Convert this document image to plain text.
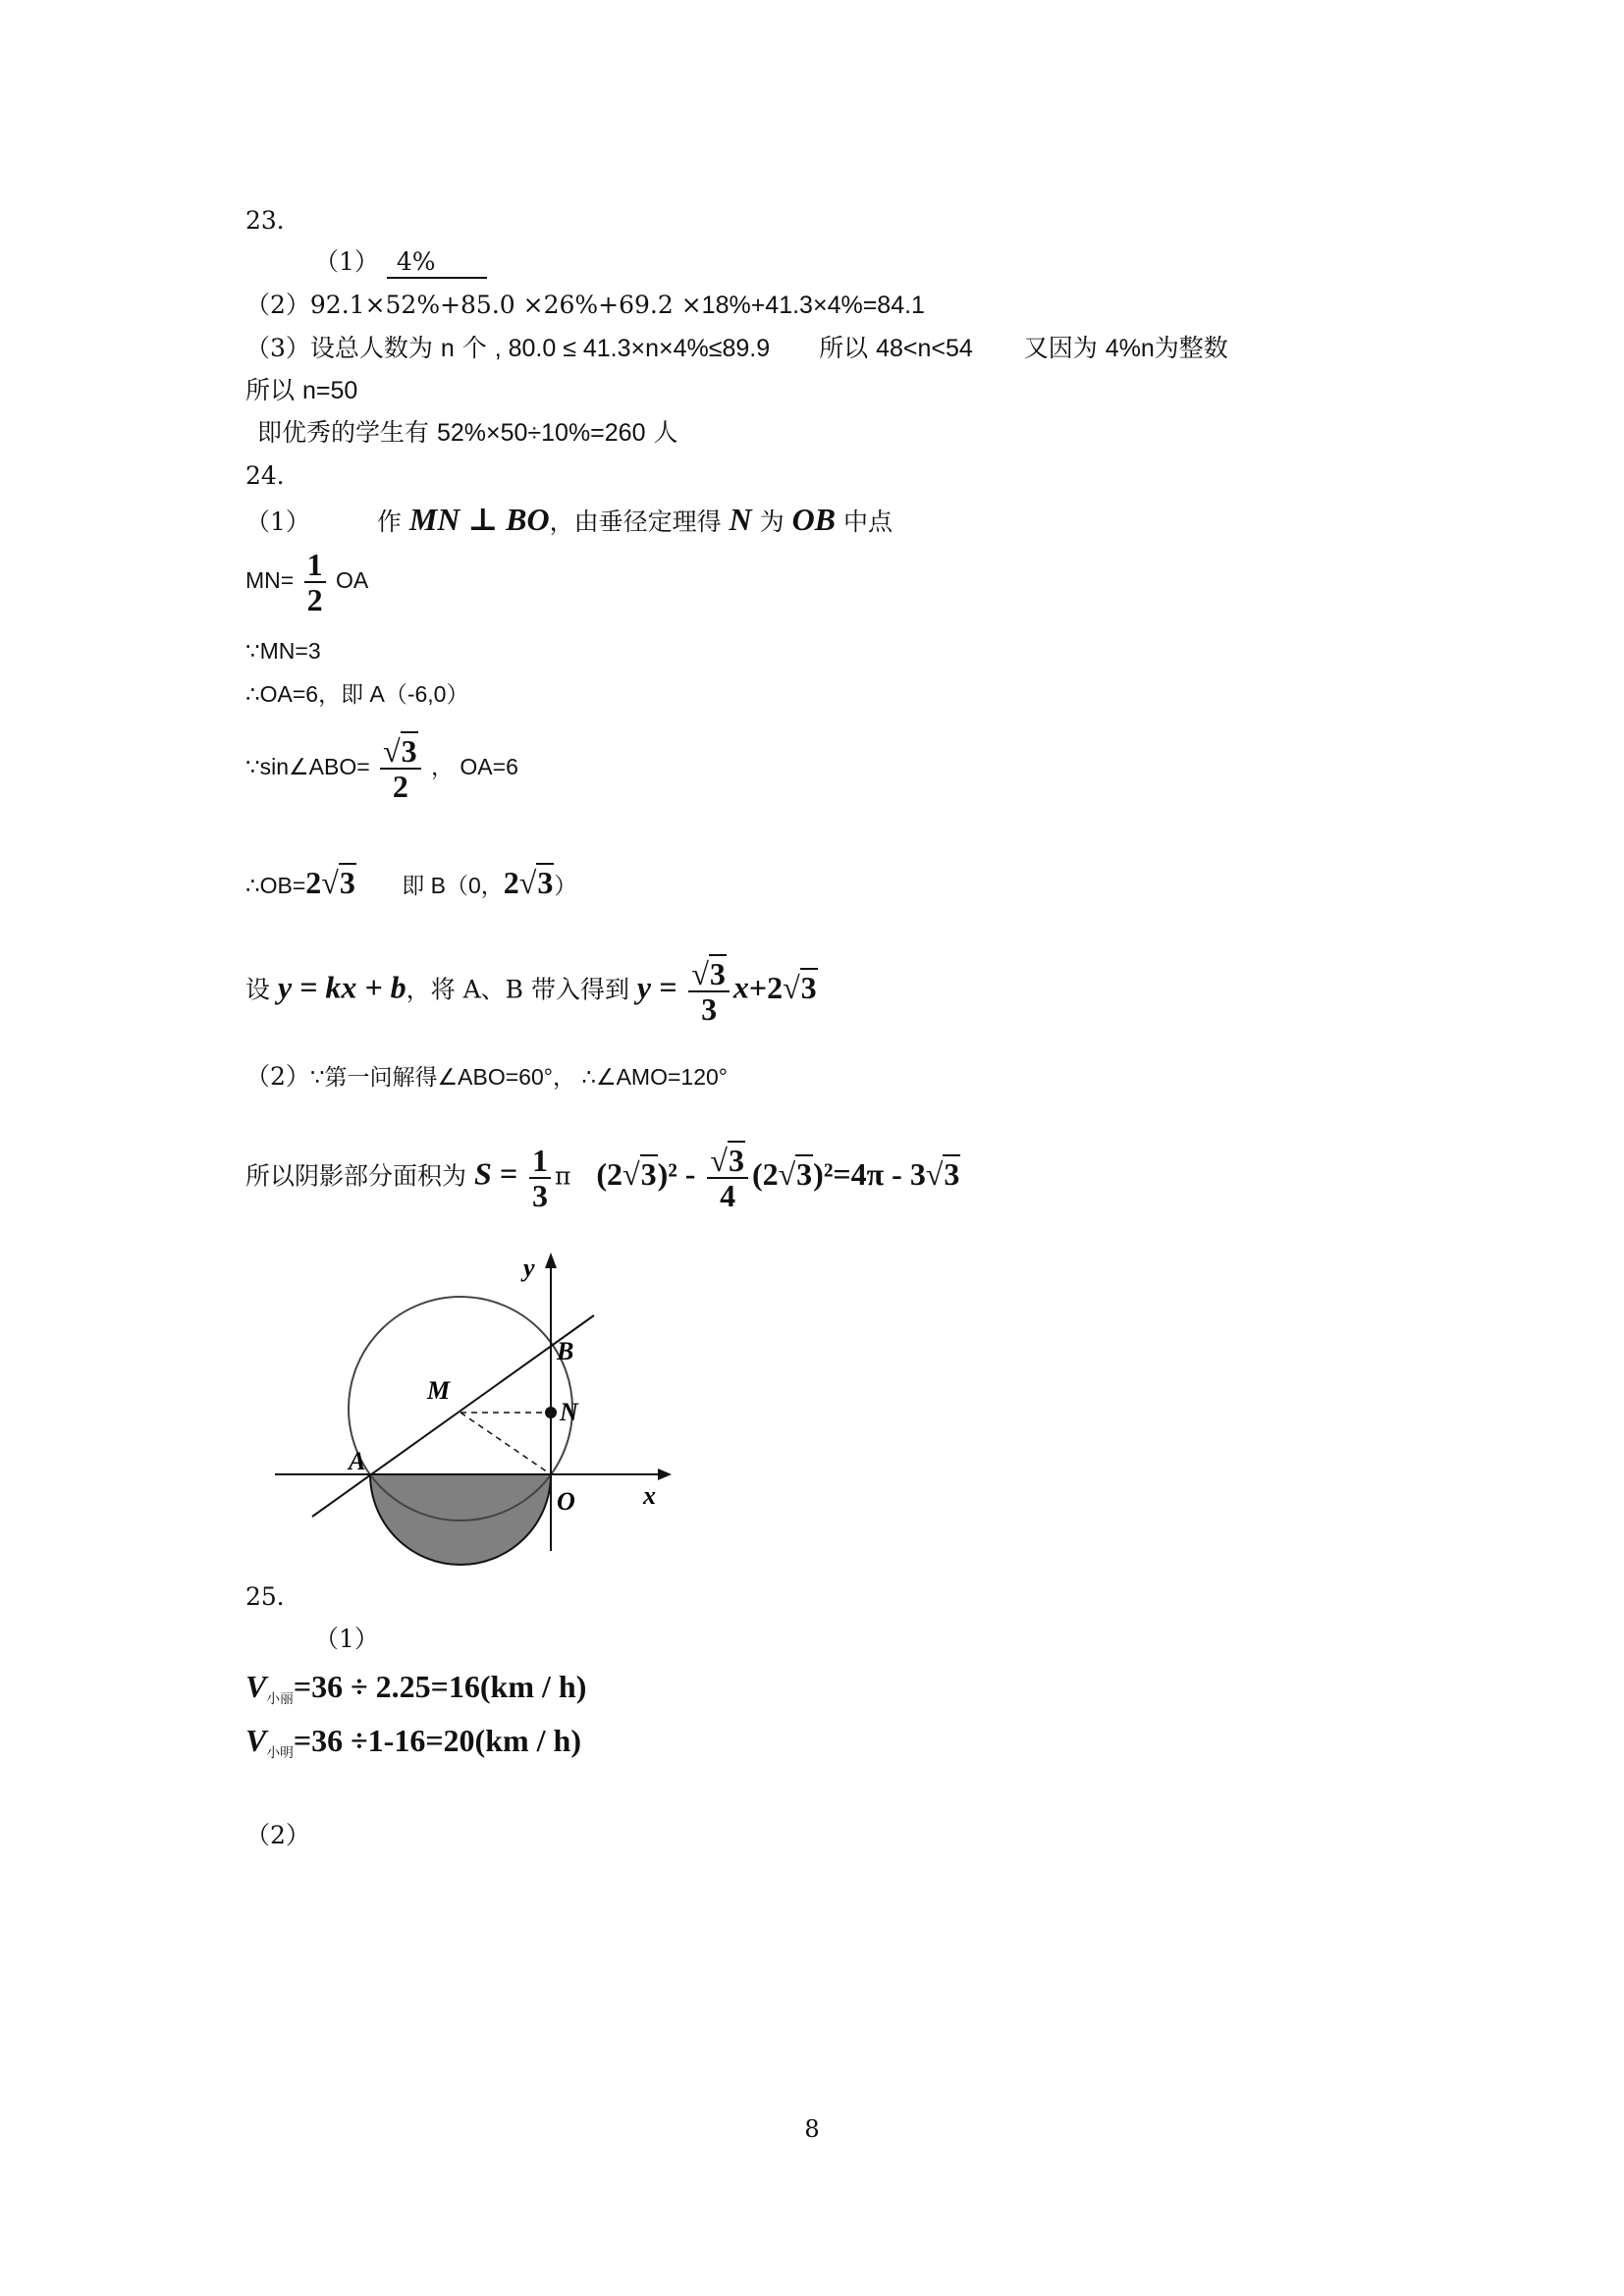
23．
（1） 4%
（2）92.1×52%+85.0 ×26%+69.2 ×18%+41.3×4%=84.1
（3）设总人数为 n 个 , 80.0 ≤ 41.3×n×4%≤89.9 所以 48<n<54 又因为 4%n为整数
所以 n=50
即优秀的学生有 52%×50÷10%=260 人
24．
（1）	作 MN ⊥ BO，由垂径定理得 N 为 OB 中点
$MN= \frac{1}{2}$ OA
∵MN=3
∴OA=6，即 A（-6,0）
∵sin∠ABO= $\frac{√3}{2}$ ， OA=6
∴OB=2√3 即 B（0，2√3）
设 y = kx + b，将 A、B 带入得到 $y = \frac{√3}{3} x+2√3$
（2）∵第一问解得∠ABO=60°， ∴∠AMO=120°
所以阴影部分面积为 $S = \frac{1}{3}$ π $(2√3)^2 - \frac{√3}{4} (2√3)^2=4\pi - 3√3$
y
x
A
B
M
N
O
25．
（1）
$V_{小丽}=36 \div 2.25=16(km / h)$
$V_{小明}=36 \div 1-16=20(km / h)$
（2）
8
